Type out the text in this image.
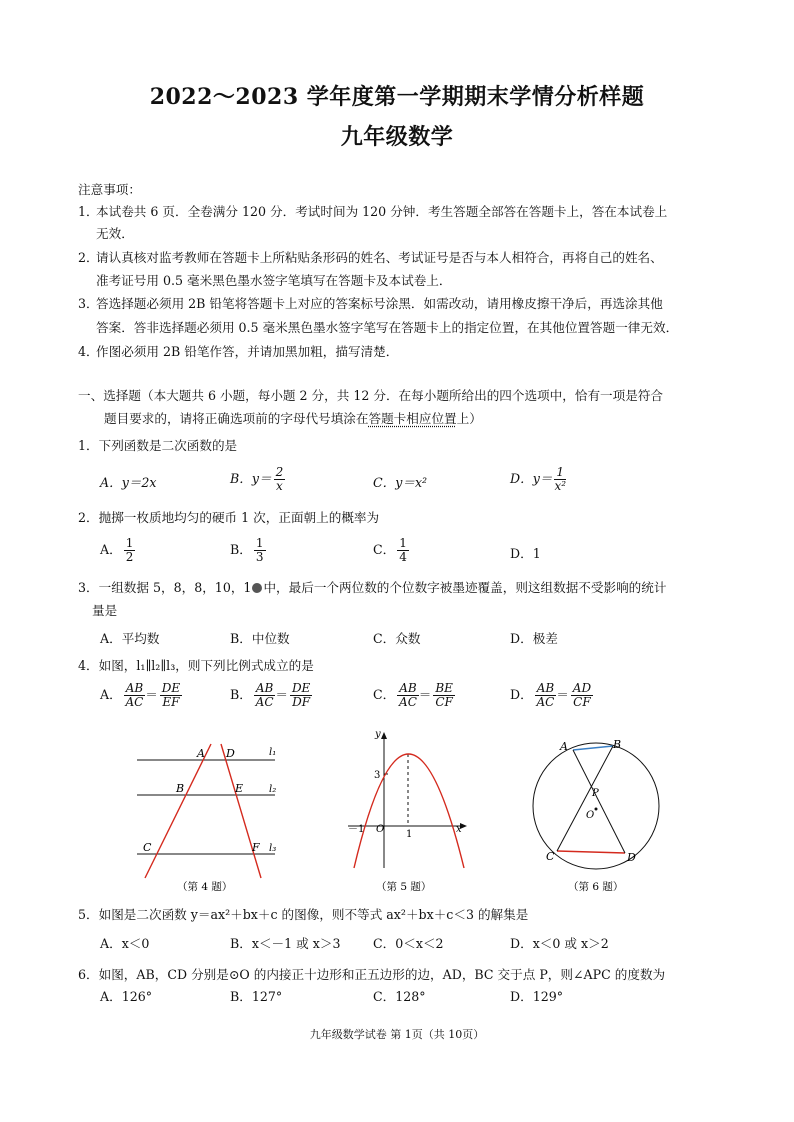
2022～2023 学年度第一学期期末学情分析样题
九年级数学
注意事项：
1．
本试卷共 6 页．全卷满分 120 分．考试时间为 120 分钟．考生答题全部答在答题卡上，答在本试卷上
无效．
2．
请认真核对监考教师在答题卡上所粘贴条形码的姓名、考试证号是否与本人相符合，再将自己的姓名、
准考证号用 0.5 毫米黑色墨水签字笔填写在答题卡及本试卷上．
3．
答选择题必须用 2B 铅笔将答题卡上对应的答案标号涂黑．如需改动，请用橡皮擦干净后，再选涂其他
答案．答非选择题必须用 0.5 毫米黑色墨水签字笔写在答题卡上的指定位置，在其他位置答题一律无效．
4．
作图必须用 2B 铅笔作答，并请加黑加粗，描写清楚．
一、选择题（本大题共 6 小题，每小题 2 分，共 12 分．在每小题所给出的四个选项中，恰有一项是符合
题目要求的，请将正确选项前的字母代号填涂在答题卡相应位置上）
1．下列函数是二次函数的是
A．y＝2x	B．$y= \frac{2}{x}$	C．y＝x²	D．$y= \frac{1}{\text{x²}}$
2．抛掷一枚质地均匀的硬币 1 次，正面朝上的概率为
A． $\frac{1}{2}$	B． $\frac{1}{3}$	C． $\frac{1}{4}$	D．1
3．一组数据 5，8，8，10，1 中，最后一个两位数的个位数字被墨迹覆盖，则这组数据不受影响的统计
量是
A．平均数	B．中位数	C．众数	D．极差
4．如图，l₁∥l₂∥l₃，则下列比例式成立的是
A． $\frac{AB}{AC} = \frac{DE}{EF}$	B． $\frac{AB}{AC} = \frac{DE}{DF}$	C． $\frac{AB}{AC} = \frac{BE}{CF}$	D． $\frac{AB}{AC} = \frac{AD}{CF}$
A D
B	E
C	F
l₁
l₂
l₃
（第 4 题）
y
x
3
－1 O 1
（第 5 题）
A	B
P
O
C	D
（第 6 题）
5．如图是二次函数 y＝ax²＋bx＋c 的图像，则不等式 ax²＋bx＋c＜3 的解集是
A．x＜0	B．x＜－1 或 x＞3	C．0＜x＜2	D．x＜0 或 x＞2
6．如图，AB，CD 分别是⊙O 的内接正十边形和正五边形的边，AD，BC 交于点 P，则∠APC 的度数为
A．126°	B．127°	C．128°	D．129°
九年级数学试卷 第 1页（共 10页）
